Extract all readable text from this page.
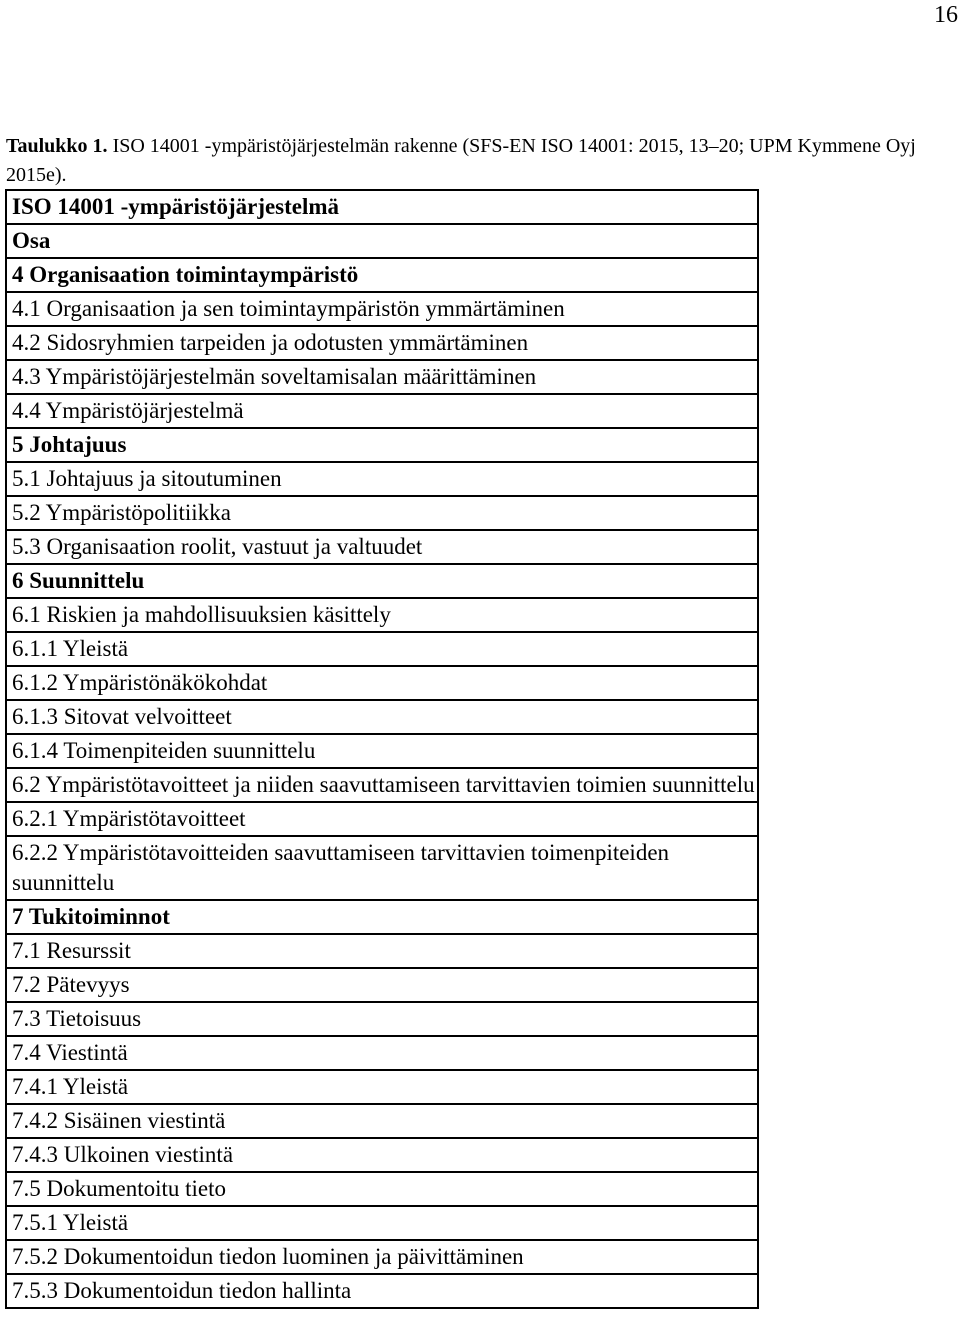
16
Taulukko 1. ISO 14001 -ympäristöjärjestelmän rakenne (SFS-EN ISO 14001: 2015, 13–20; UPM Kymmene Oyj 2015e).
ISO 14001 -ympäristöjärjestelmä
Osa
4 Organisaation toimintaympäristö
4.1 Organisaation ja sen toimintaympäristön ymmärtäminen
4.2 Sidosryhmien tarpeiden ja odotusten ymmärtäminen
4.3 Ympäristöjärjestelmän soveltamisalan määrittäminen
4.4 Ympäristöjärjestelmä
5 Johtajuus
5.1 Johtajuus ja sitoutuminen
5.2 Ympäristöpolitiikka
5.3 Organisaation roolit, vastuut ja valtuudet
6 Suunnittelu
6.1 Riskien ja mahdollisuuksien käsittely
6.1.1 Yleistä
6.1.2 Ympäristönäkökohdat
6.1.3 Sitovat velvoitteet
6.1.4 Toimenpiteiden suunnittelu
6.2 Ympäristötavoitteet ja niiden saavuttamiseen tarvittavien toimien suunnittelu
6.2.1 Ympäristötavoitteet
6.2.2 Ympäristötavoitteiden saavuttamiseen tarvittavien toimenpiteiden suunnittelu
7 Tukitoiminnot
7.1 Resurssit
7.2 Pätevyys
7.3 Tietoisuus
7.4 Viestintä
7.4.1 Yleistä
7.4.2 Sisäinen viestintä
7.4.3 Ulkoinen viestintä
7.5 Dokumentoitu tieto
7.5.1 Yleistä
7.5.2 Dokumentoidun tiedon luominen ja päivittäminen
7.5.3 Dokumentoidun tiedon hallinta
